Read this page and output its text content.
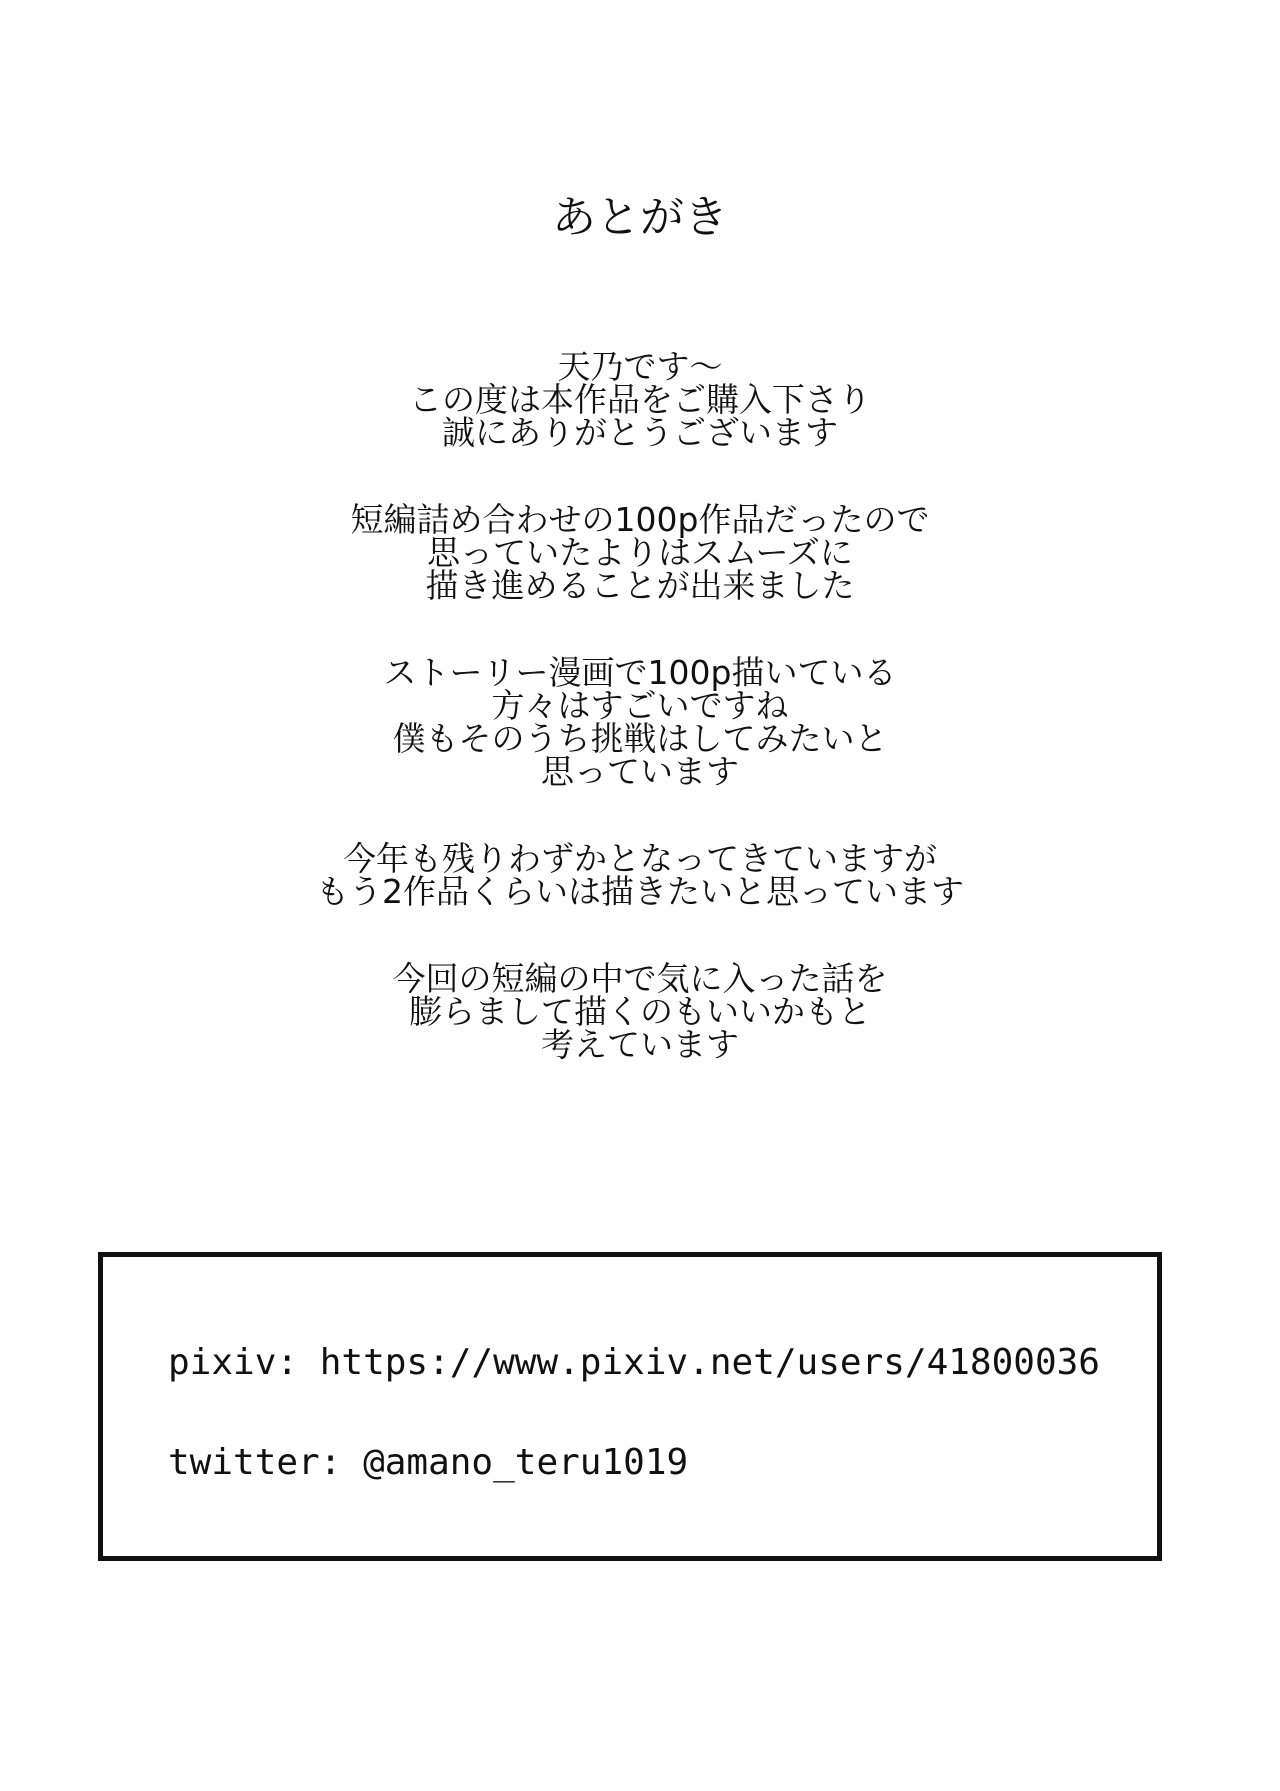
あとがき

天乃です～
この度は本作品をご購入下さり
誠にありがとうございます

短編詰め合わせの100p作品だったので
思っていたよりはスムーズに
描き進めることが出来ました

ストーリー漫画で100p描いている
方々はすごいですね
僕もそのうち挑戦はしてみたいと
思っています

今年も残りわずかとなってきていますが
もう2作品くらいは描きたいと思っています

今回の短編の中で気に入った話を
膨らまして描くのもいいかもと
考えています

pixiv: https://www.pixiv.net/users/41800036
twitter: @amano_teru1019
